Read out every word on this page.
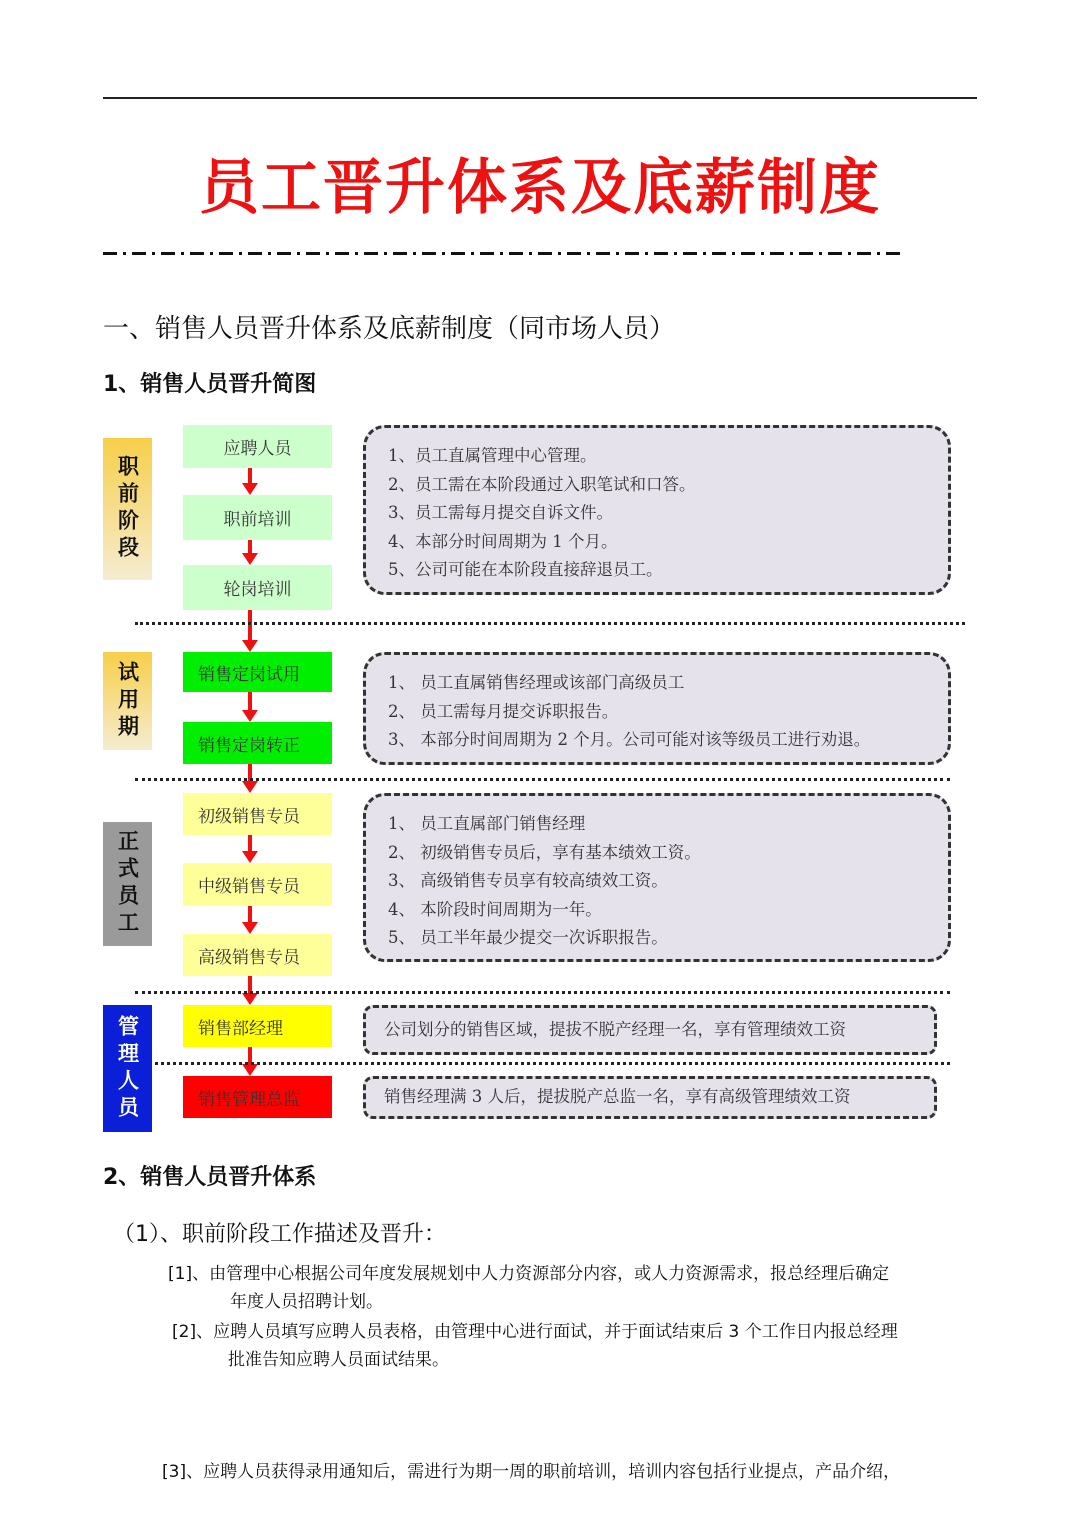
员工晋升体系及底薪制度
一、销售人员晋升体系及底薪制度（同市场人员）
1、销售人员晋升简图
2、销售人员晋升体系
（1）、职前阶段工作描述及晋升：
[1]、由管理中心根据公司年度发展规划中人力资源部分内容，或人力资源需求，报总经理后确定
年度人员招聘计划。
[2]、应聘人员填写应聘人员表格，由管理中心进行面试，并于面试结束后 3 个工作日内报总经理
批准告知应聘人员面试结果。
[3]、应聘人员获得录用通知后，需进行为期一周的职前培训，培训内容包括行业提点，产品介绍，
职前阶段
试用期
正式员工
管理人员
应聘人员
职前培训
轮岗培训
销售定岗试用
销售定岗转正
初级销售专员
中级销售专员
高级销售专员
销售部经理
销售管理总监
1、员工直属管理中心管理。
2、员工需在本阶段通过入职笔试和口答。
3、员工需每月提交自诉文件。
4、本部分时间周期为 1 个月。
5、公司可能在本阶段直接辞退员工。
1、 员工直属销售经理或该部门高级员工
2、 员工需每月提交诉职报告。
3、 本部分时间周期为 2 个月。公司可能对该等级员工进行劝退。
1、 员工直属部门销售经理
2、 初级销售专员后，享有基本绩效工资。
3、 高级销售专员享有较高绩效工资。
4、 本阶段时间周期为一年。
5、 员工半年最少提交一次诉职报告。
公司划分的销售区域，提拔不脱产经理一名，享有管理绩效工资
销售经理满 3 人后，提拔脱产总监一名，享有高级管理绩效工资
